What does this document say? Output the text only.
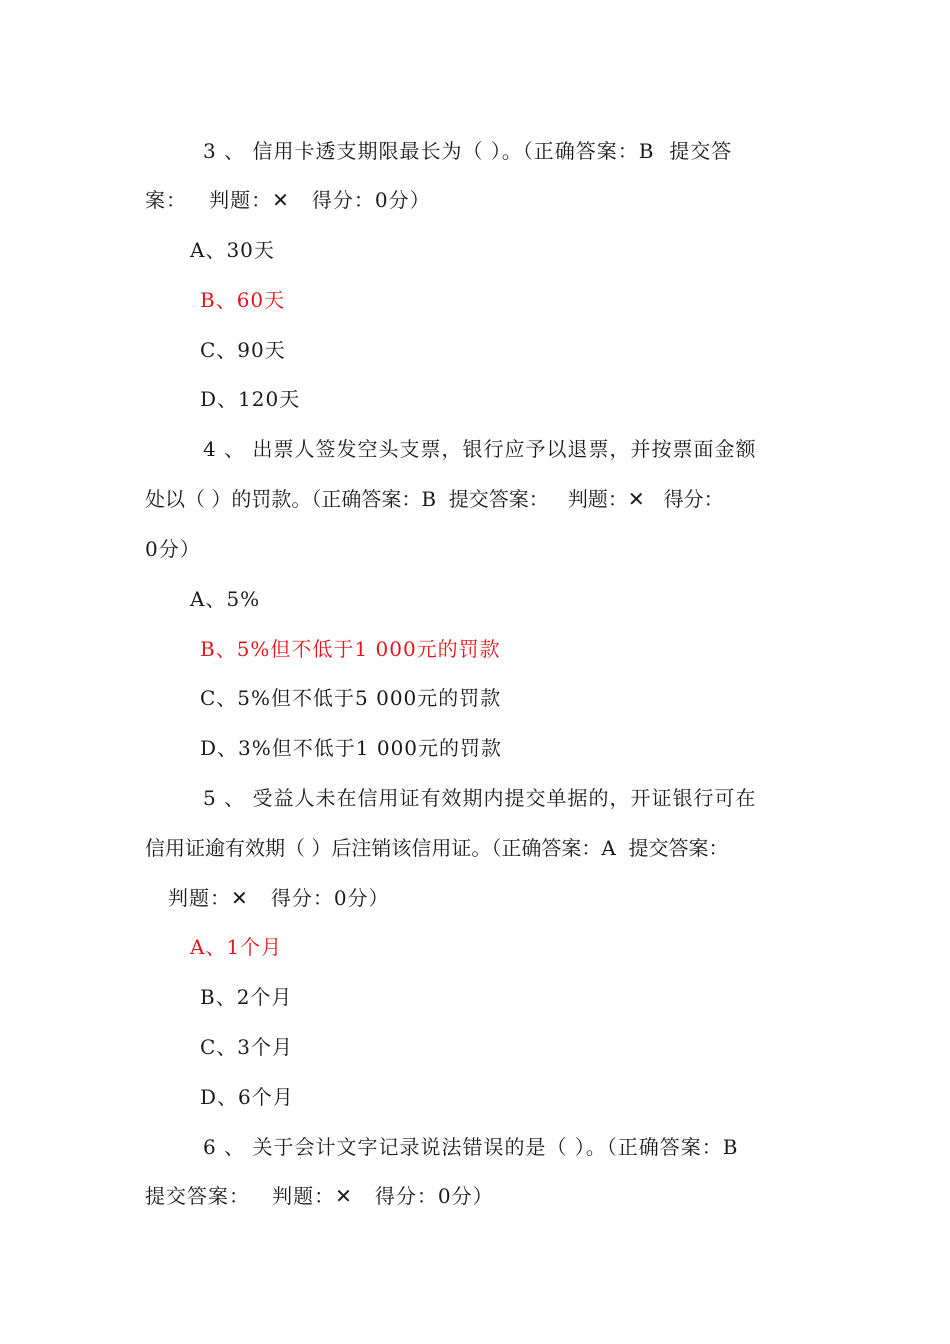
3 、 信用卡透支期限最长为（ ）。（正确答案：B  提交答

案：   判题：✕   得分：0分）

A、30天

B、60天

C、90天

D、120天

4 、 出票人签发空头支票，银行应予以退票，并按票面金额

处以（ ）的罚款。（正确答案：B  提交答案：   判题：✕   得分：

0分）

A、5%

B、5%但不低于1 000元的罚款

C、5%但不低于5 000元的罚款

D、3%但不低于1 000元的罚款

5 、 受益人未在信用证有效期内提交单据的，开证银行可在

信用证逾有效期（ ）后注销该信用证。（正确答案：A  提交答案：

判题：✕   得分：0分）

A、1个月

B、2个月

C、3个月

D、6个月

6 、 关于会计文字记录说法错误的是（ ）。（正确答案：B

提交答案：   判题：✕   得分：0分）
